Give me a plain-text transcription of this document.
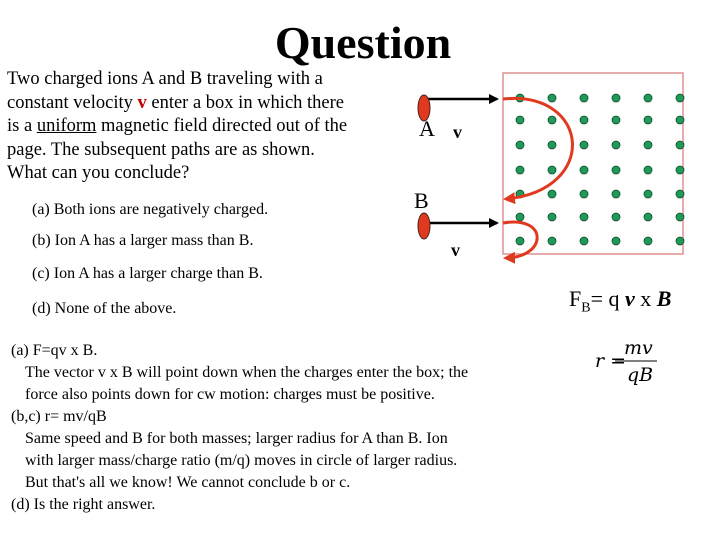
Question
Two charged ions A and B traveling with a
constant velocity v enter a box in which there
is a uniform magnetic field directed out of the
page. The subsequent paths are as shown.
What can you conclude?
(a) Both ions are negatively charged.
(b) Ion A has a larger mass than B.
(c) Ion A has a larger charge than B.
(d) None of the above.
(a) F=qv x B.
The vector v x B will point down when the charges enter the box; the
force also points down for cw motion: charges must be positive.
(b,c) r= mv/qB
Same speed and B for both masses; larger radius for A than B. Ion
with larger mass/charge ratio (m/q) moves in circle of larger radius.
But that's all we know! We cannot conclude b or c.
(d) Is the right answer.
A v
B
v
$F_B= q$ v x B
r =
mv
qB
